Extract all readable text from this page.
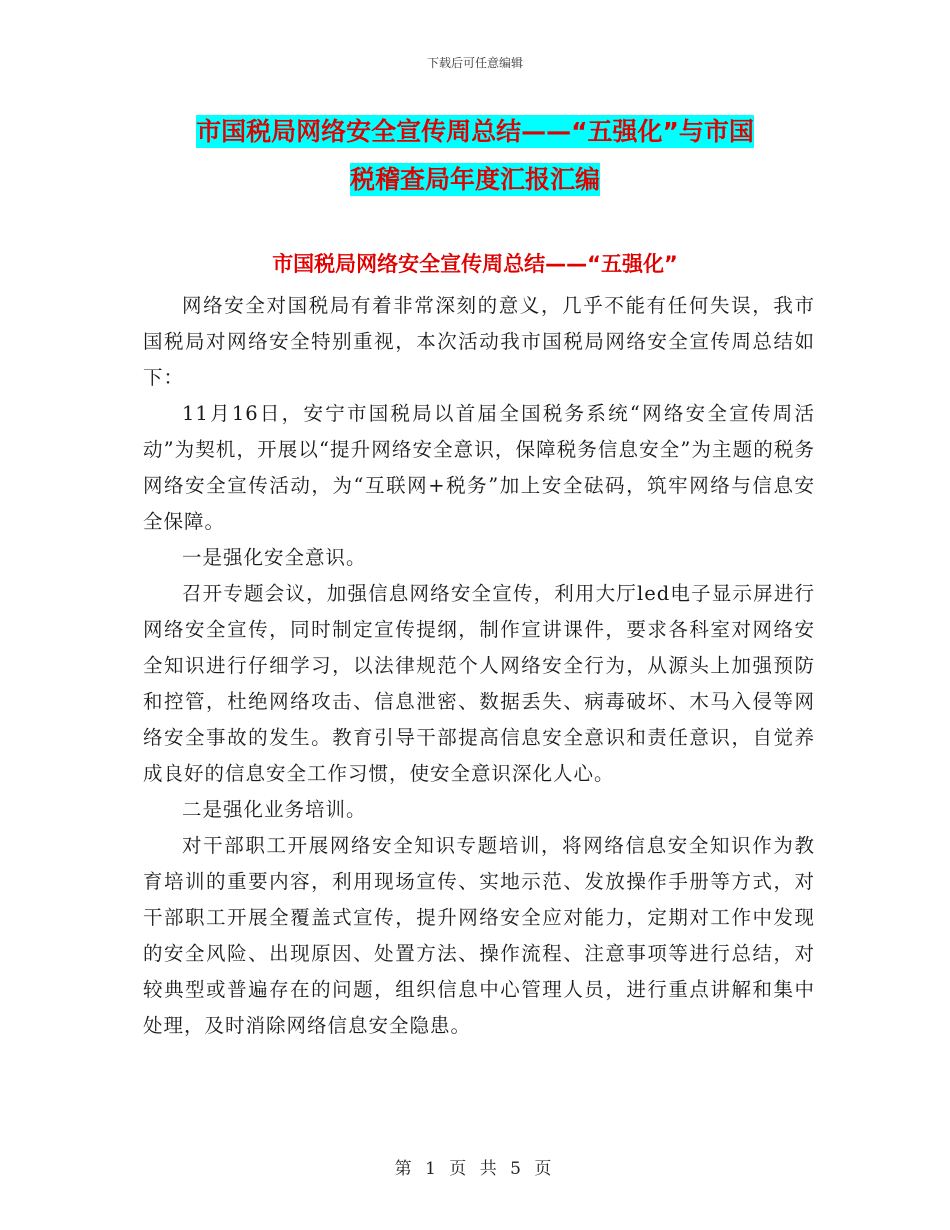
下载后可任意编辑
市国税局网络安全宣传周总结——“五强化”与市国
税稽查局年度汇报汇编
市国税局网络安全宣传周总结——“五强化”

网络安全对国税局有着非常深刻的意义，几乎不能有任何失误，我市国税局对网络安全特别重视，本次活动我市国税局网络安全宣传周总结如下：

11月16日，安宁市国税局以首届全国税务系统“网络安全宣传周活动”为契机，开展以“提升网络安全意识，保障税务信息安全”为主题的税务网络安全宣传活动，为“互联网+税务”加上安全砝码，筑牢网络与信息安全保障。

一是强化安全意识。

召开专题会议，加强信息网络安全宣传，利用大厅led电子显示屏进行网络安全宣传，同时制定宣传提纲，制作宣讲课件，要求各科室对网络安全知识进行仔细学习，以法律规范个人网络安全行为，从源头上加强预防和控管，杜绝网络攻击、信息泄密、数据丢失、病毒破坏、木马入侵等网络安全事故的发生。教育引导干部提高信息安全意识和责任意识，自觉养成良好的信息安全工作习惯，使安全意识深化人心。

二是强化业务培训。

对干部职工开展网络安全知识专题培训，将网络信息安全知识作为教育培训的重要内容，利用现场宣传、实地示范、发放操作手册等方式，对干部职工开展全覆盖式宣传，提升网络安全应对能力，定期对工作中发现的安全风险、出现原因、处置方法、操作流程、注意事项等进行总结，对较典型或普遍存在的问题，组织信息中心管理人员，进行重点讲解和集中处理，及时消除网络信息安全隐患。

第 1 页 共 5 页
